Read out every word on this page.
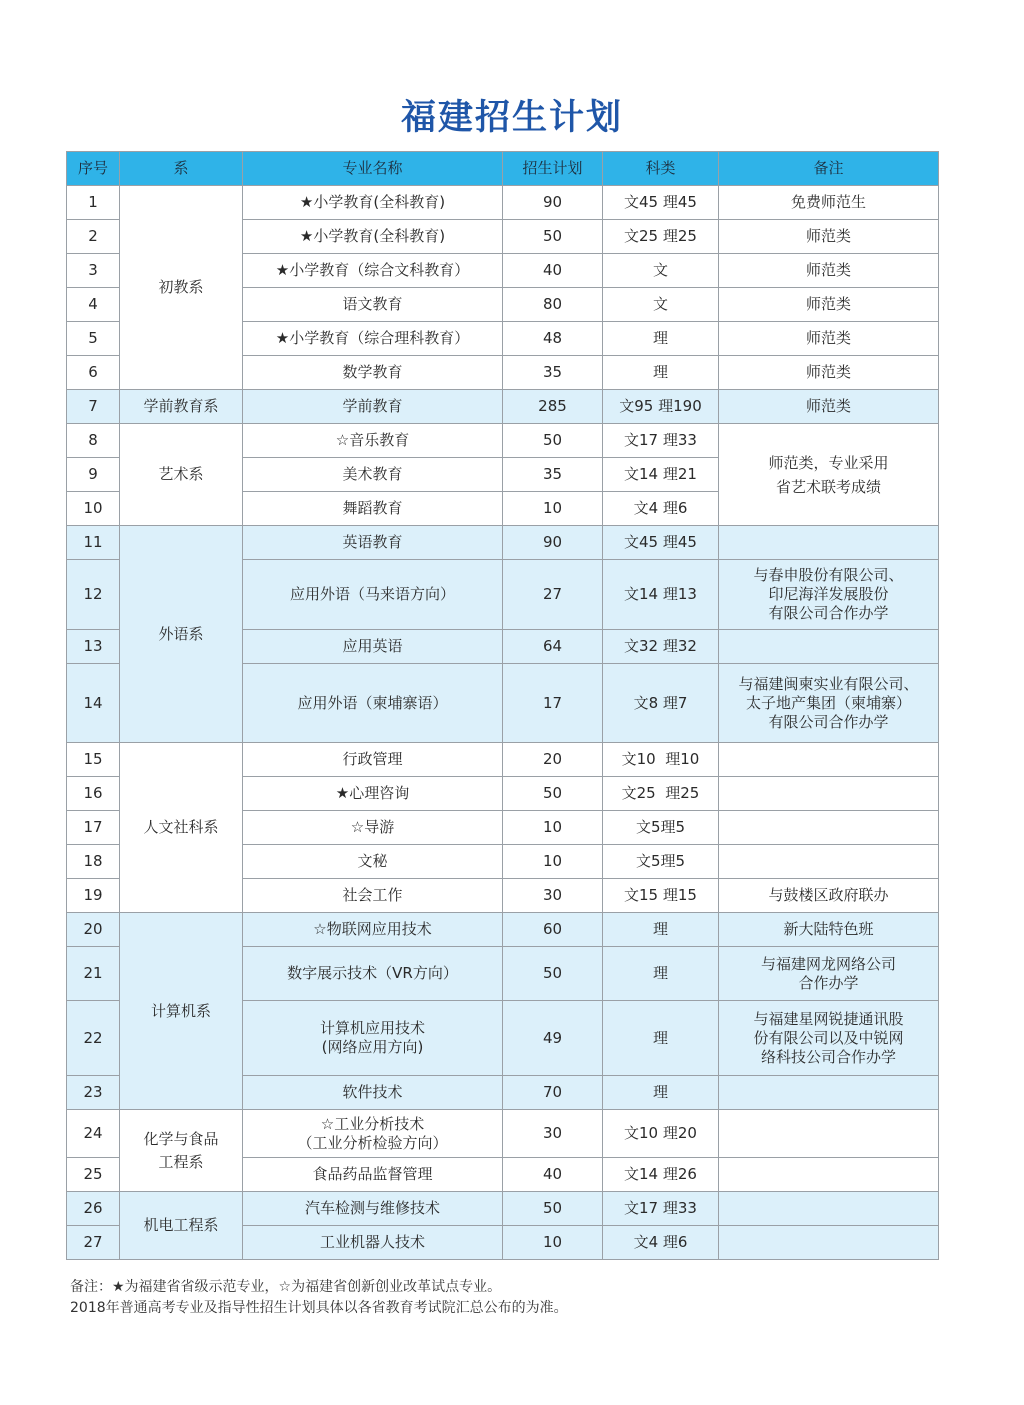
福建招生计划
序号	系	专业名称	招生计划	科类	备注
1	初教系	★小学教育(全科教育)	90	文45 理45	免费师范生
2		★小学教育(全科教育)	50	文25 理25	师范类
3		★小学教育（综合文科教育）	40	文	师范类
4		语文教育	80	文	师范类
5		★小学教育（综合理科教育）	48	理	师范类
6		数学教育	35	理	师范类
7	学前教育系	学前教育	285	文95 理190	师范类
8	艺术系	☆音乐教育	50	文17 理33	师范类，专业采用
省艺术联考成绩
9		美术教育	35	文14 理21	
10		舞蹈教育	10	文4 理6	
11	外语系	英语教育	90	文45 理45	
12		应用外语（马来语方向）	27	文14 理13	与春申股份有限公司、
印尼海洋发展股份
有限公司合作办学
13		应用英语	64	文32 理32	
14		应用外语（柬埔寨语）	17	文8 理7	与福建闽柬实业有限公司、
太子地产集团（柬埔寨）
有限公司合作办学
15	人文社科系	行政管理	20	文10  理10	
16		★心理咨询	50	文25  理25	
17		☆导游	10	文5理5	
18		文秘	10	文5理5	
19		社会工作	30	文15 理15	与鼓楼区政府联办
20	计算机系	☆物联网应用技术	60	理	新大陆特色班
21		数字展示技术（VR方向）	50	理	与福建网龙网络公司
合作办学
22		计算机应用技术
(网络应用方向)	49	理	与福建星网锐捷通讯股
份有限公司以及中锐网
络科技公司合作办学
23		软件技术	70	理	
24	化学与食品
工程系	☆工业分析技术
（工业分析检验方向）	30	文10 理20	
25		食品药品监督管理	40	文14 理26	
26	机电工程系	汽车检测与维修技术	50	文17 理33	
27		工业机器人技术	10	文4 理6	
备注：★为福建省省级示范专业，☆为福建省创新创业改革试点专业。
2018年普通高考专业及指导性招生计划具体以各省教育考试院汇总公布的为准。
